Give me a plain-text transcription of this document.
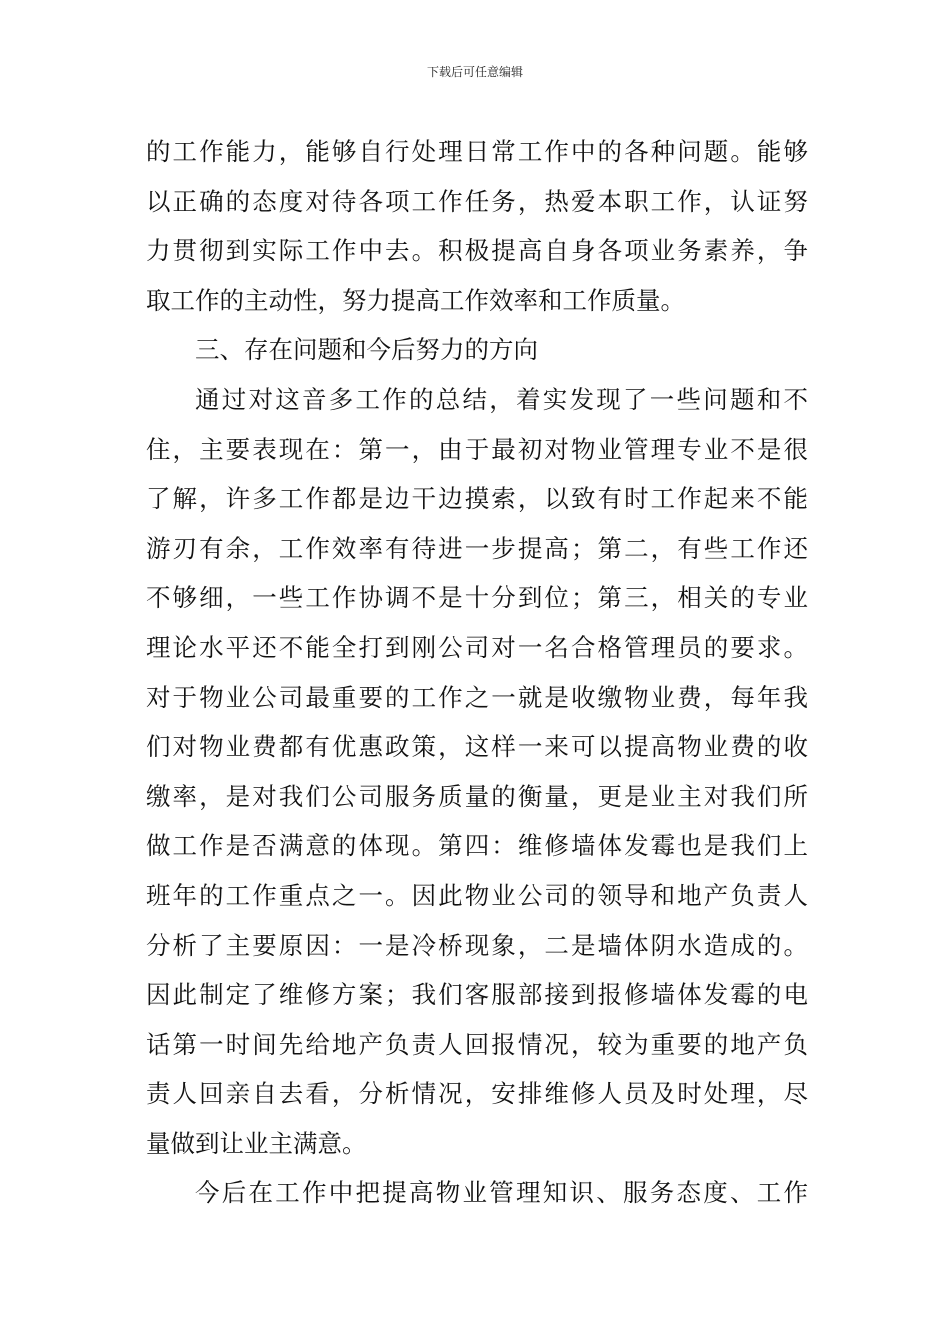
下载后可任意编辑
的工作能力，能够自行处理日常工作中的各种问题。能够
以正确的态度对待各项工作任务，热爱本职工作，认证努
力贯彻到实际工作中去。积极提高自身各项业务素养，争
取工作的主动性，努力提高工作效率和工作质量。
三、存在问题和今后努力的方向
通过对这音多工作的总结，着实发现了一些问题和不
住，主要表现在：第一，由于最初对物业管理专业不是很
了解，许多工作都是边干边摸索，以致有时工作起来不能
游刃有余，工作效率有待进一步提高；第二，有些工作还
不够细，一些工作协调不是十分到位；第三，相关的专业
理论水平还不能全打到刚公司对一名合格管理员的要求。
对于物业公司最重要的工作之一就是收缴物业费，每年我
们对物业费都有优惠政策，这样一来可以提高物业费的收
缴率，是对我们公司服务质量的衡量，更是业主对我们所
做工作是否满意的体现。第四：维修墙体发霉也是我们上
班年的工作重点之一。因此物业公司的领导和地产负责人
分析了主要原因：一是冷桥现象，二是墙体阴水造成的。
因此制定了维修方案；我们客服部接到报修墙体发霉的电
话第一时间先给地产负责人回报情况，较为重要的地产负
责人回亲自去看，分析情况，安排维修人员及时处理，尽
量做到让业主满意。
今后在工作中把提高物业管理知识、服务态度、工作
